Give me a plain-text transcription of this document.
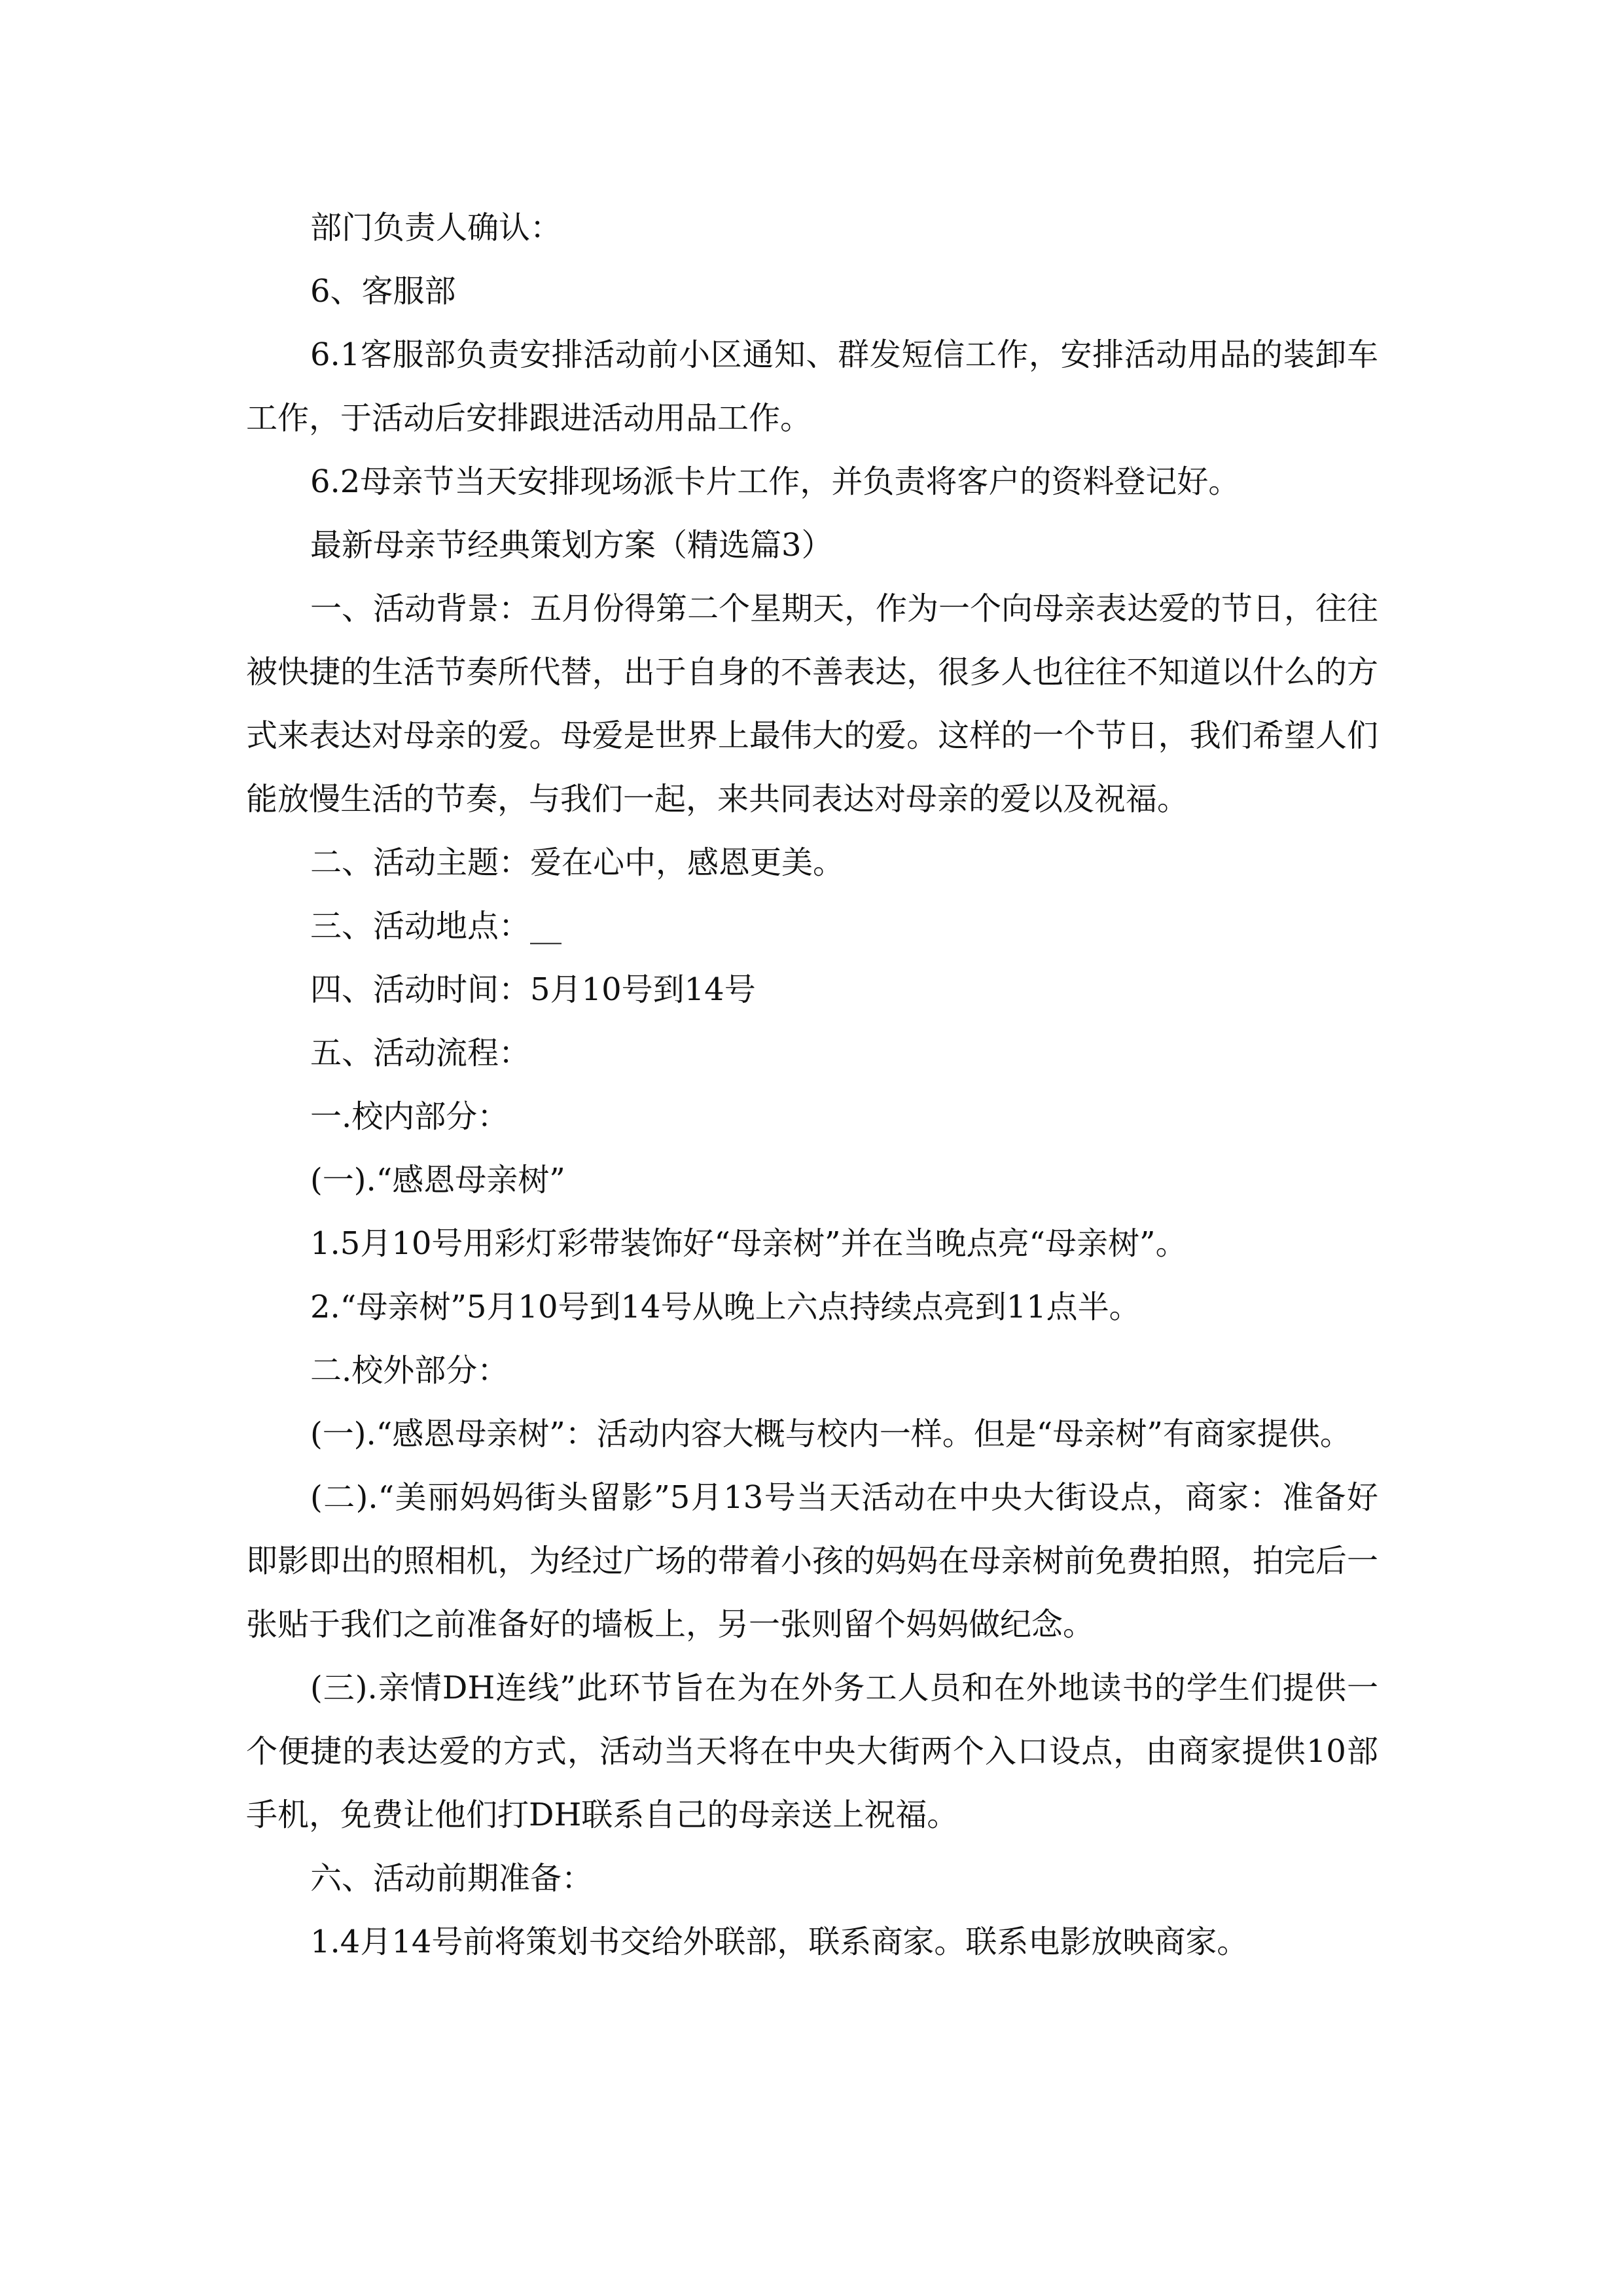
部门负责人确认：

6、客服部

6.1客服部负责安排活动前小区通知、群发短信工作，安排活动用品的装卸车工作，于活动后安排跟进活动用品工作。

6.2母亲节当天安排现场派卡片工作，并负责将客户的资料登记好。

最新母亲节经典策划方案（精选篇3）

一、活动背景：五月份得第二个星期天，作为一个向母亲表达爱的节日，往往被快捷的生活节奏所代替，出于自身的不善表达，很多人也往往不知道以什么的方式来表达对母亲的爱。母爱是世界上最伟大的爱。这样的一个节日，我们希望人们能放慢生活的节奏，与我们一起，来共同表达对母亲的爱以及祝福。

二、活动主题：爱在心中，感恩更美。

三、活动地点：__

四、活动时间：5月10号到14号

五、活动流程：

一.校内部分：

(一).“感恩母亲树”

1.5月10号用彩灯彩带装饰好“母亲树”并在当晚点亮“母亲树”。

2.“母亲树”5月10号到14号从晚上六点持续点亮到11点半。

二.校外部分：

(一).“感恩母亲树”：活动内容大概与校内一样。但是“母亲树”有商家提供。

(二).“美丽妈妈街头留影”5月13号当天活动在中央大街设点，商家：准备好即影即出的照相机，为经过广场的带着小孩的妈妈在母亲树前免费拍照，拍完后一张贴于我们之前准备好的墙板上，另一张则留个妈妈做纪念。

(三).亲情DH连线”此环节旨在为在外务工人员和在外地读书的学生们提供一个便捷的表达爱的方式，活动当天将在中央大街两个入口设点，由商家提供10部手机，免费让他们打DH联系自己的母亲送上祝福。

六、活动前期准备：

1.4月14号前将策划书交给外联部，联系商家。联系电影放映商家。
